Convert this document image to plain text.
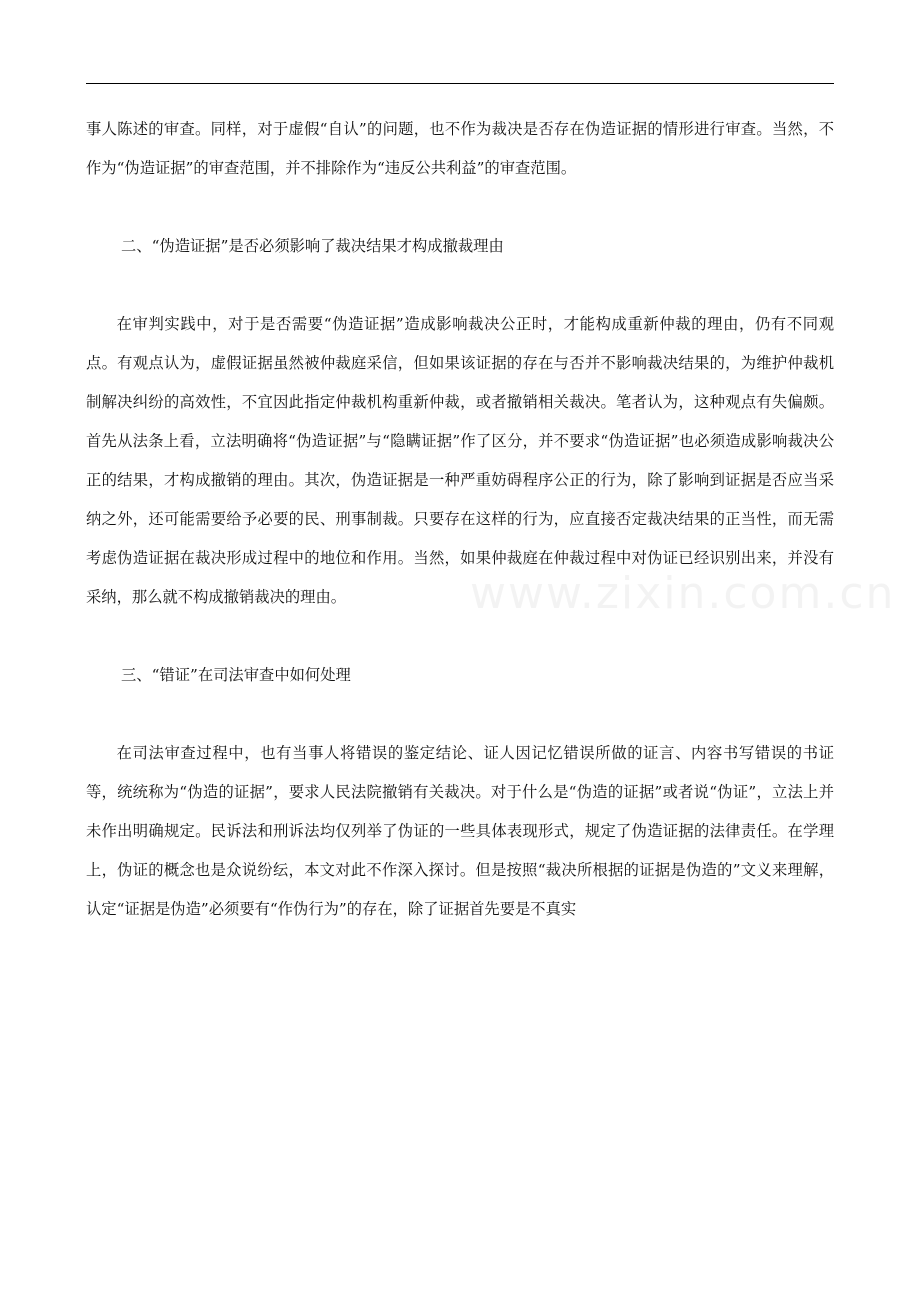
事人陈述的审查。同样，对于虚假“自认”的问题，也不作为裁决是否存在伪造证据的情形进行审查。当然，不作为“伪造证据”的审查范围，并不排除作为“违反公共利益”的审查范围。

二、“伪造证据”是否必须影响了裁决结果才构成撤裁理由

在审判实践中，对于是否需要“伪造证据”造成影响裁决公正时，才能构成重新仲裁的理由，仍有不同观点。有观点认为，虚假证据虽然被仲裁庭采信，但如果该证据的存在与否并不影响裁决结果的，为维护仲裁机制解决纠纷的高效性，不宜因此指定仲裁机构重新仲裁，或者撤销相关裁决。笔者认为，这种观点有失偏颇。首先从法条上看，立法明确将“伪造证据”与“隐瞒证据”作了区分，并不要求“伪造证据”也必须造成影响裁决公正的结果，才构成撤销的理由。其次，伪造证据是一种严重妨碍程序公正的行为，除了影响到证据是否应当采纳之外，还可能需要给予必要的民、刑事制裁。只要存在这样的行为，应直接否定裁决结果的正当性，而无需考虑伪造证据在裁决形成过程中的地位和作用。当然，如果仲裁庭在仲裁过程中对伪证已经识别出来，并没有采纳，那么就不构成撤销裁决的理由。

三、“错证”在司法审查中如何处理

在司法审查过程中，也有当事人将错误的鉴定结论、证人因记忆错误所做的证言、内容书写错误的书证等，统统称为“伪造的证据”，要求人民法院撤销有关裁决。对于什么是“伪造的证据”或者说“伪证”，立法上并未作出明确规定。民诉法和刑诉法均仅列举了伪证的一些具体表现形式，规定了伪造证据的法律责任。在学理上，伪证的概念也是众说纷纭，本文对此不作深入探讨。但是按照“裁决所根据的证据是伪造的”文义来理解，认定“证据是伪造”必须要有“作伪行为”的存在，除了证据首先要是不真实

www.zixin.com.cn
